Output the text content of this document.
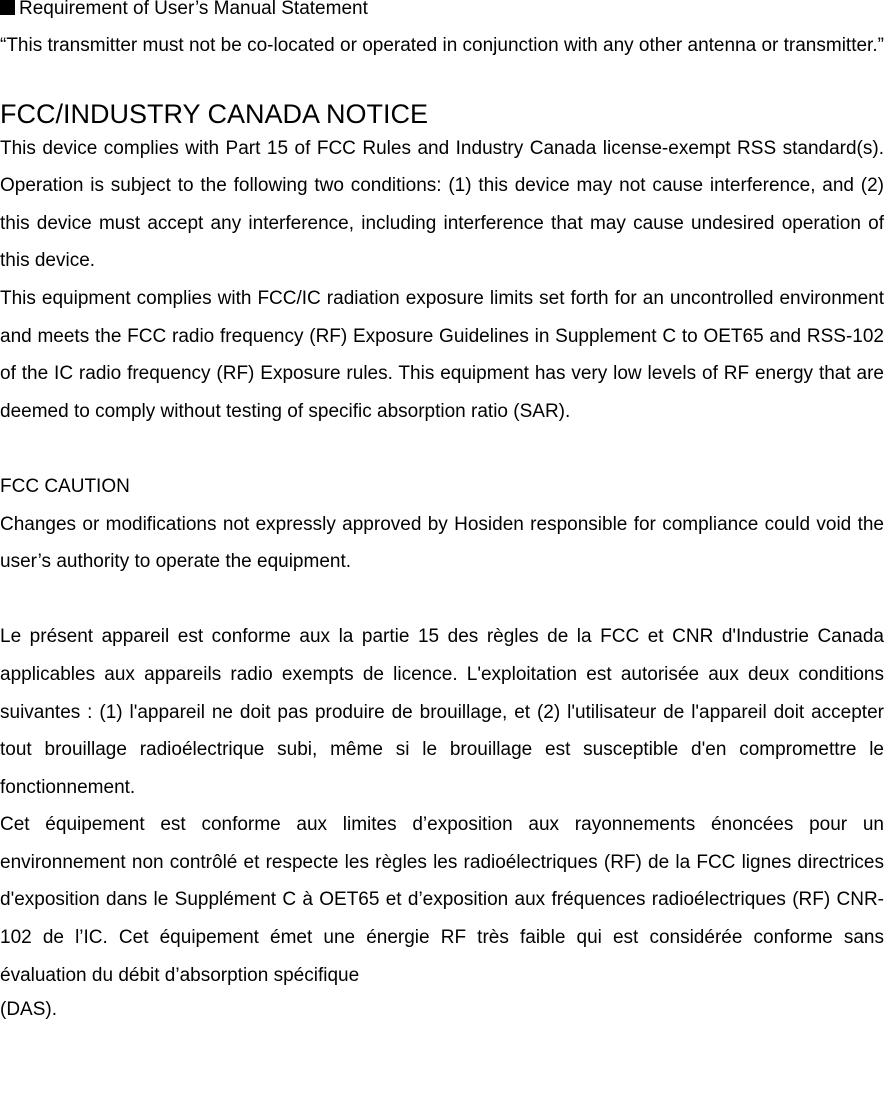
Requirement of User’s Manual Statement

“This transmitter must not be co-located or operated in conjunction with any other antenna or transmitter.”

FCC/INDUSTRY CANADA NOTICE

This device complies with Part 15 of FCC Rules and Industry Canada license-exempt RSS standard(s). Operation is subject to the following two conditions: (1) this device may not cause interference, and (2) this device must accept any interference, including interference that may cause undesired operation of this device.

This equipment complies with FCC/IC radiation exposure limits set forth for an uncontrolled environment and meets the FCC radio frequency (RF) Exposure Guidelines in Supplement C to OET65 and RSS-102 of the IC radio frequency (RF) Exposure rules. This equipment has very low levels of RF energy that are deemed to comply without testing of specific absorption ratio (SAR).

FCC CAUTION

Changes or modifications not expressly approved by Hosiden responsible for compliance could void the user’s authority to operate the equipment.

Le présent appareil est conforme aux la partie 15 des règles de la FCC et CNR d'Industrie Canada applicables aux appareils radio exempts de licence. L'exploitation est autorisée aux deux conditions suivantes : (1) l'appareil ne doit pas produire de brouillage, et (2) l'utilisateur de l'appareil doit accepter tout brouillage radioélectrique subi, même si le brouillage est susceptible d'en compromettre le fonctionnement.

Cet équipement est conforme aux limites d’exposition aux rayonnements énoncées pour un environnement non contrôlé et respecte les règles les radioélectriques (RF) de la FCC lignes directrices d'exposition dans le Supplément C à OET65 et d’exposition aux fréquences radioélectriques (RF) CNR-102 de l’IC. Cet équipement émet une énergie RF très faible qui est considérée conforme sans évaluation du débit d’absorption spécifique

(DAS).
